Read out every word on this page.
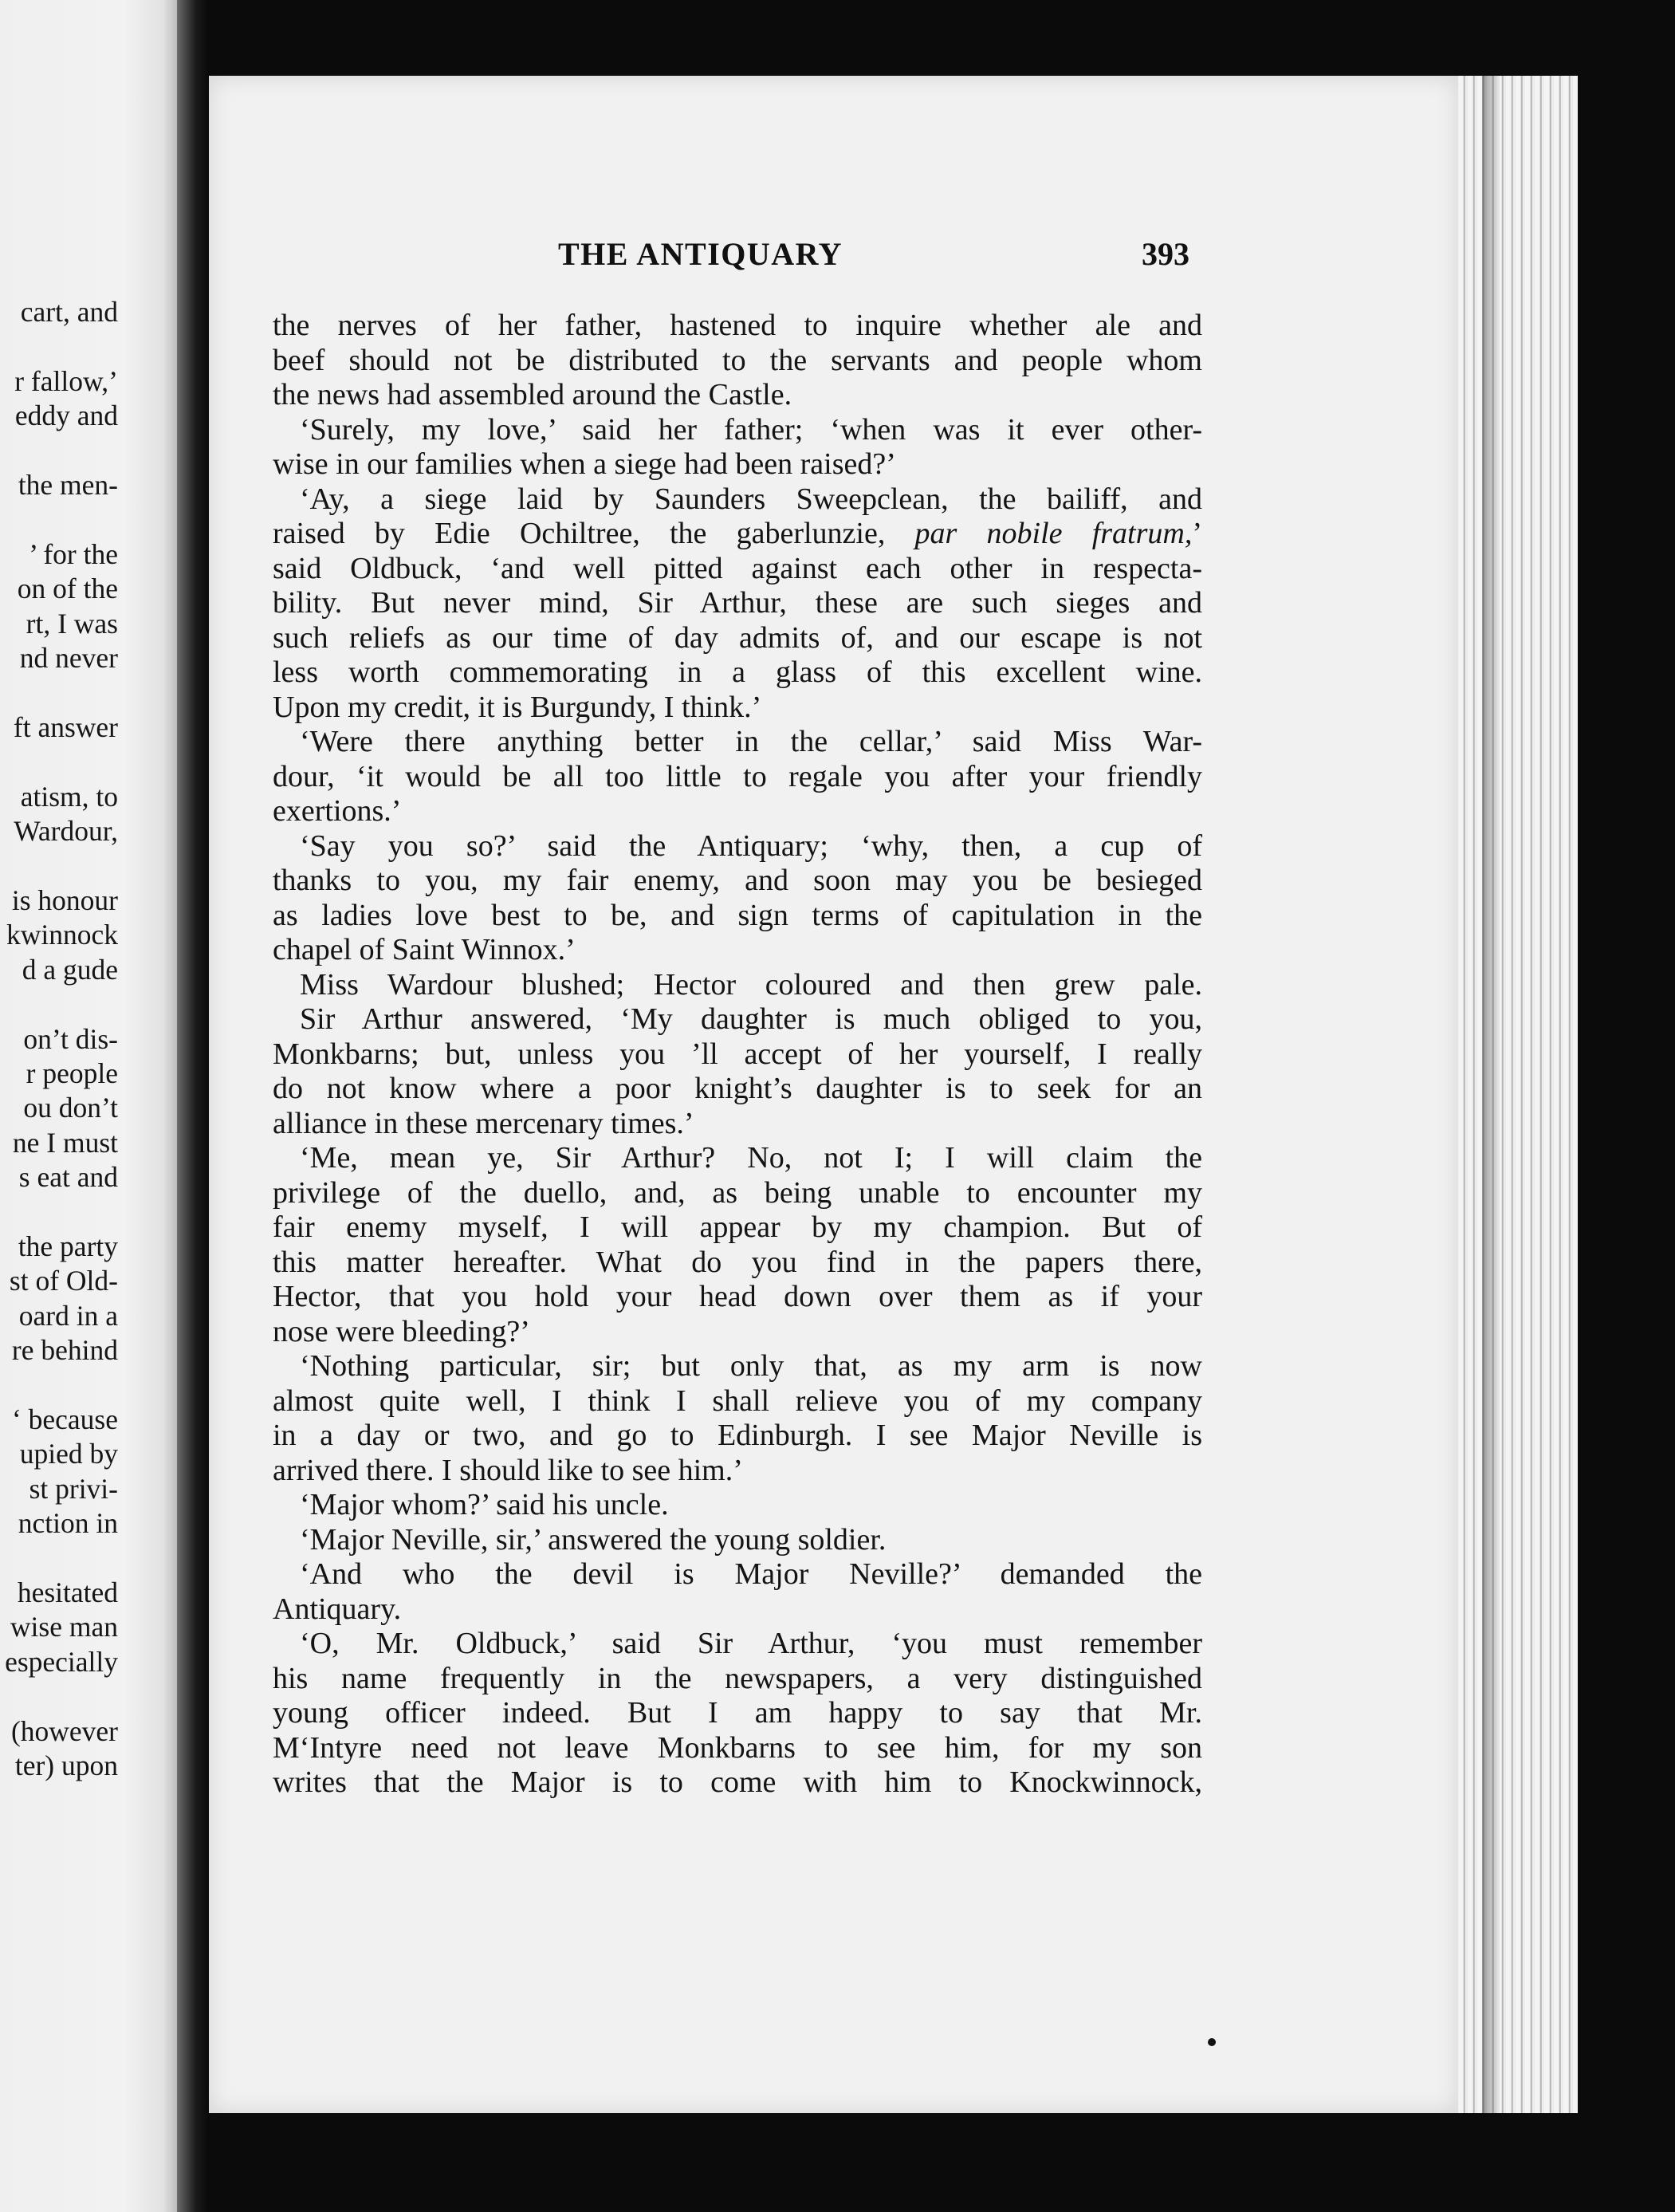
cart, and

r fallow,’
eddy and

the men-

’ for the
on of the
rt, I was
nd never

ft answer

atism, to
Wardour,

is honour
kwinnock
d a gude

on’t dis-
r people
ou don’t
ne I must
s eat and

the party
st of Old-
oard in a
re behind

‘ because
upied by
st privi-
nction in

hesitated
wise man
especially

(however
ter) upon
THE ANTIQUARY	393
the nerves of her father, hastened to inquire whether ale and
beef should not be distributed to the servants and people whom
the news had assembled around the Castle.
‘Surely, my love,’ said her father; ‘when was it ever other-
wise in our families when a siege had been raised?’
‘Ay, a siege laid by Saunders Sweepclean, the bailiff, and
raised by Edie Ochiltree, the gaberlunzie, par nobile fratrum,’
said Oldbuck, ‘and well pitted against each other in respecta-
bility. But never mind, Sir Arthur, these are such sieges and
such reliefs as our time of day admits of, and our escape is not
less worth commemorating in a glass of this excellent wine.
Upon my credit, it is Burgundy, I think.’
‘Were there anything better in the cellar,’ said Miss War-
dour, ‘it would be all too little to regale you after your friendly
exertions.’
‘Say you so?’ said the Antiquary; ‘why, then, a cup of
thanks to you, my fair enemy, and soon may you be besieged
as ladies love best to be, and sign terms of capitulation in the
chapel of Saint Winnox.’
Miss Wardour blushed; Hector coloured and then grew pale.
Sir Arthur answered, ‘My daughter is much obliged to you,
Monkbarns; but, unless you ’ll accept of her yourself, I really
do not know where a poor knight’s daughter is to seek for an
alliance in these mercenary times.’
‘Me, mean ye, Sir Arthur? No, not I; I will claim the
privilege of the duello, and, as being unable to encounter my
fair enemy myself, I will appear by my champion. But of
this matter hereafter. What do you find in the papers there,
Hector, that you hold your head down over them as if your
nose were bleeding?’
‘Nothing particular, sir; but only that, as my arm is now
almost quite well, I think I shall relieve you of my company
in a day or two, and go to Edinburgh. I see Major Neville is
arrived there. I should like to see him.’
‘Major whom?’ said his uncle.
‘Major Neville, sir,’ answered the young soldier.
‘And who the devil is Major Neville?’ demanded the
Antiquary.
‘O, Mr. Oldbuck,’ said Sir Arthur, ‘you must remember
his name frequently in the newspapers, a very distinguished
young officer indeed. But I am happy to say that Mr.
M‘Intyre need not leave Monkbarns to see him, for my son
writes that the Major is to come with him to Knockwinnock,
